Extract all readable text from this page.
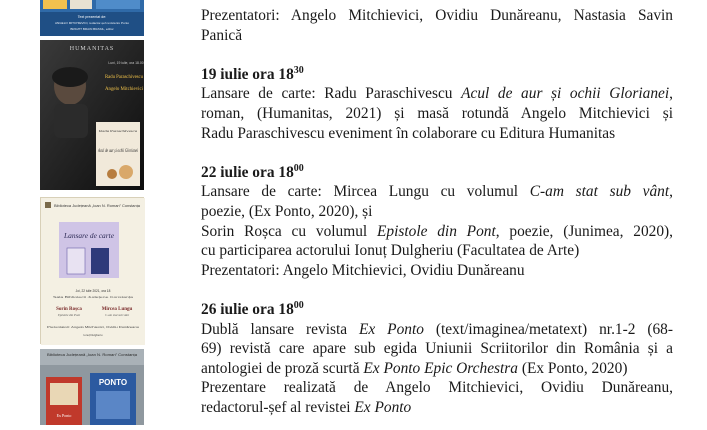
Text prezentat de:
ANGELO MITCHIEVICI, redactor-șef revista Ex Ponto
BRIGHT BRAIN BRASIL, editor
HUMANITAS
Luni, 19 iulie, ora 18.00
Radu Paraschivescu
Angelo Mitchievici
Radu Paraschivescu
Acul de aur și ochii Glorianei
Biblioteca Județeană „Ioan N. Roman” Constanța
Lansare de carte
Joi, 22 iulie 2021, ora 18
Sala Bibliotecii Județene Constanța
Sorin Roșca
Epistole din Pont
Mircea Lungu
C-am stat sub vânt
Prezentatori: Angelo Mitchievici, Ovidiu Dunăreanu
Ionuț Dulgheriu
Biblioteca Județeană „Ioan N. Roman” Constanța
PONTO
Ex Ponto
Prezentatori: Angelo Mitchievici, Ovidiu Dunăreanu, Nastasia Savin
Panică
19 iulie ora $18^{30}$
Lansare de carte: Radu Paraschivescu Acul de aur și ochii Glorianei,
roman, (Humanitas, 2021) și masă rotundă Angelo Mitchievici și
Radu Paraschivescu eveniment în colaborare cu Editura Humanitas
22 iulie ora $18^{00}$
Lansare de carte: Mircea Lungu cu volumul C-am stat sub vânt,
poezie, (Ex Ponto, 2020), și
Sorin Roșca cu volumul Epistole din Pont, poezie, (Junimea, 2020),
cu participarea actorului Ionuț Dulgheriu (Facultatea de Arte)
Prezentatori: Angelo Mitchievici, Ovidiu Dunăreanu
26 iulie ora $18^{00}$
Dublă lansare revista Ex Ponto (text/imaginea/metatext) nr.1-2 (68-
69) revistă care apare sub egida Uniunii Scriitorilor din România și a
antologiei de proză scurtă Ex Ponto Epic Orchestra (Ex Ponto, 2020)
Prezentare realizată de Angelo Mitchievici, Ovidiu Dunăreanu,
redactorul-șef al revistei Ex Ponto
